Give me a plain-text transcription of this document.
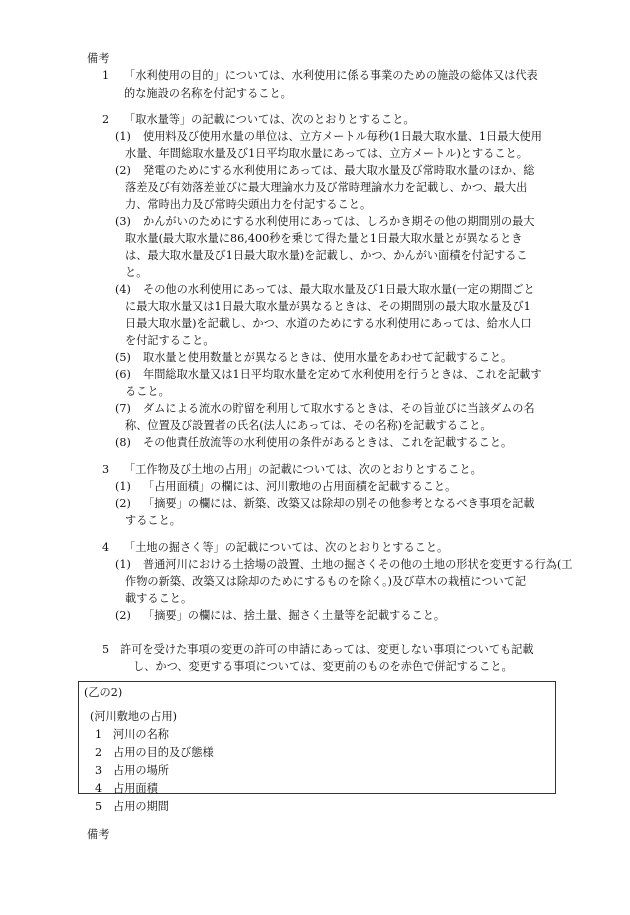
備考
1 「水利使用の目的」については、水利使用に係る事業のための施設の総体又は代表
的な施設の名称を付記すること。
2 「取水量等」の記載については、次のとおりとすること。
(1) 使用料及び使用水量の単位は、立方メートル毎秒(1日最大取水量、1日最大使用
水量、年間総取水量及び1日平均取水量にあっては、立方メートル)とすること。
(2) 発電のためにする水利使用にあっては、最大取水量及び常時取水量のほか、総
落差及び有効落差並びに最大理論水力及び常時理論水力を記載し、かつ、最大出
力、常時出力及び常時尖頭出力を付記すること。
(3) かんがいのためにする水利使用にあっては、しろかき期その他の期間別の最大
取水量(最大取水量に86,400秒を乗じて得た量と1日最大取水量とが異なるとき
は、最大取水量及び1日最大取水量)を記載し、かつ、かんがい面積を付記するこ
と。
(4) その他の水利使用にあっては、最大取水量及び1日最大取水量(一定の期間ごと
に最大取水量又は1日最大取水量が異なるときは、その期間別の最大取水量及び1
日最大取水量)を記載し、かつ、水道のためにする水利使用にあっては、給水人口
を付記すること。
(5) 取水量と使用数量とが異なるときは、使用水量をあわせて記載すること。
(6) 年間総取水量又は1日平均取水量を定めて水利使用を行うときは、これを記載す
ること。
(7) ダムによる流水の貯留を利用して取水するときは、その旨並びに当該ダムの名
称、位置及び設置者の氏名(法人にあっては、その名称)を記載すること。
(8) その他責任放流等の水利使用の条件があるときは、これを記載すること。
3 「工作物及び土地の占用」の記載については、次のとおりとすること。
(1) 「占用面積」の欄には、河川敷地の占用面積を記載すること。
(2) 「摘要」の欄には、新築、改築又は除却の別その他参考となるべき事項を記載
すること。
4 「土地の掘さく等」の記載については、次のとおりとすること。
(1) 普通河川における土捨場の設置、土地の掘さくその他の土地の形状を変更する行為(工
作物の新築、改築又は除却のためにするものを除く。)及び草木の栽植について記
載すること。
(2) 「摘要」の欄には、捨土量、掘さく土量等を記載すること。
5 許可を受けた事項の変更の許可の申請にあっては、変更しない事項についても記載
し、かつ、変更する事項については、変更前のものを赤色で併記すること。
(乙の2)
(河川敷地の占用)
1 河川の名称
2 占用の目的及び態様
3 占用の場所
4 占用面積
5 占用の期間
備考
